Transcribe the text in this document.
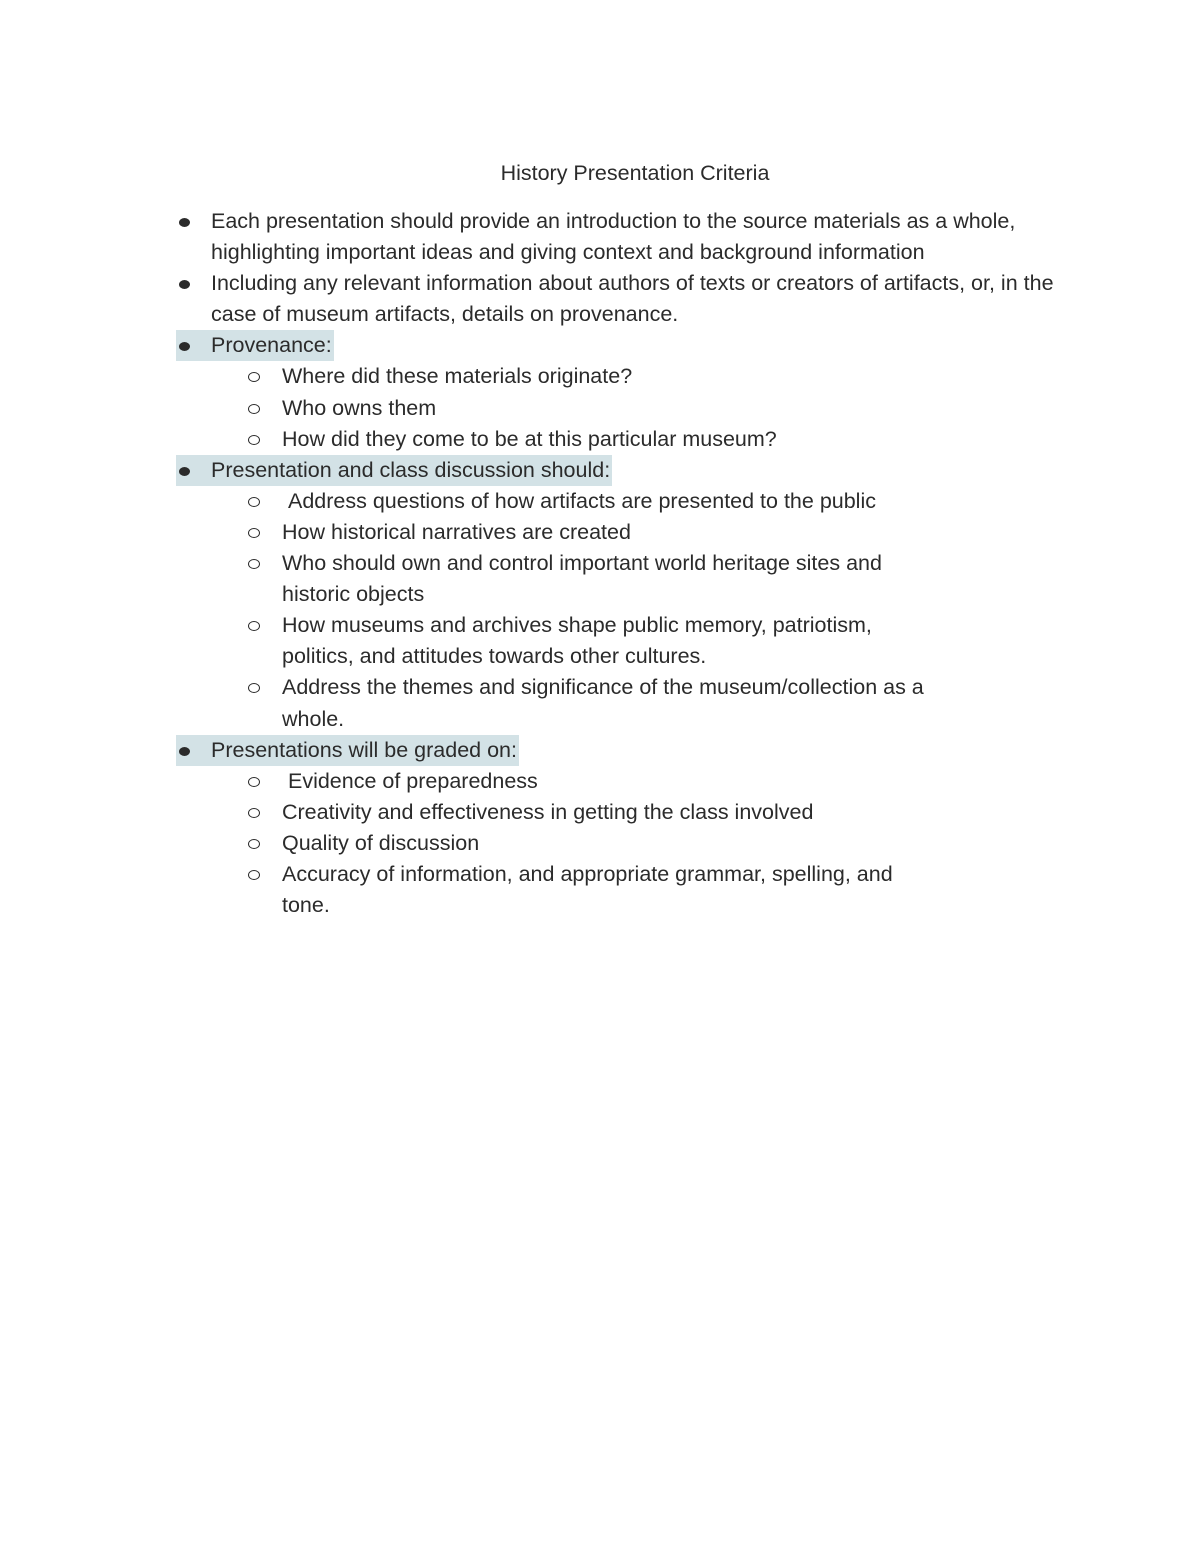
History Presentation Criteria
Each presentation should provide an introduction to the source materials as a whole, highlighting important ideas and giving context and background information
Including any relevant information about authors of texts or creators of artifacts, or, in the case of museum artifacts, details on provenance.
Provenance:
Where did these materials originate?
Who owns them
How did they come to be at this particular museum?
Presentation and class discussion should:
Address questions of how artifacts are presented to the public
How historical narratives are created
Who should own and control important world heritage sites and historic objects
How museums and archives shape public memory, patriotism, politics, and attitudes towards other cultures.
Address the themes and significance of the museum/collection as a whole.
Presentations will be graded on:
Evidence of preparedness
Creativity and effectiveness in getting the class involved
Quality of discussion
Accuracy of information, and appropriate grammar, spelling, and tone.
